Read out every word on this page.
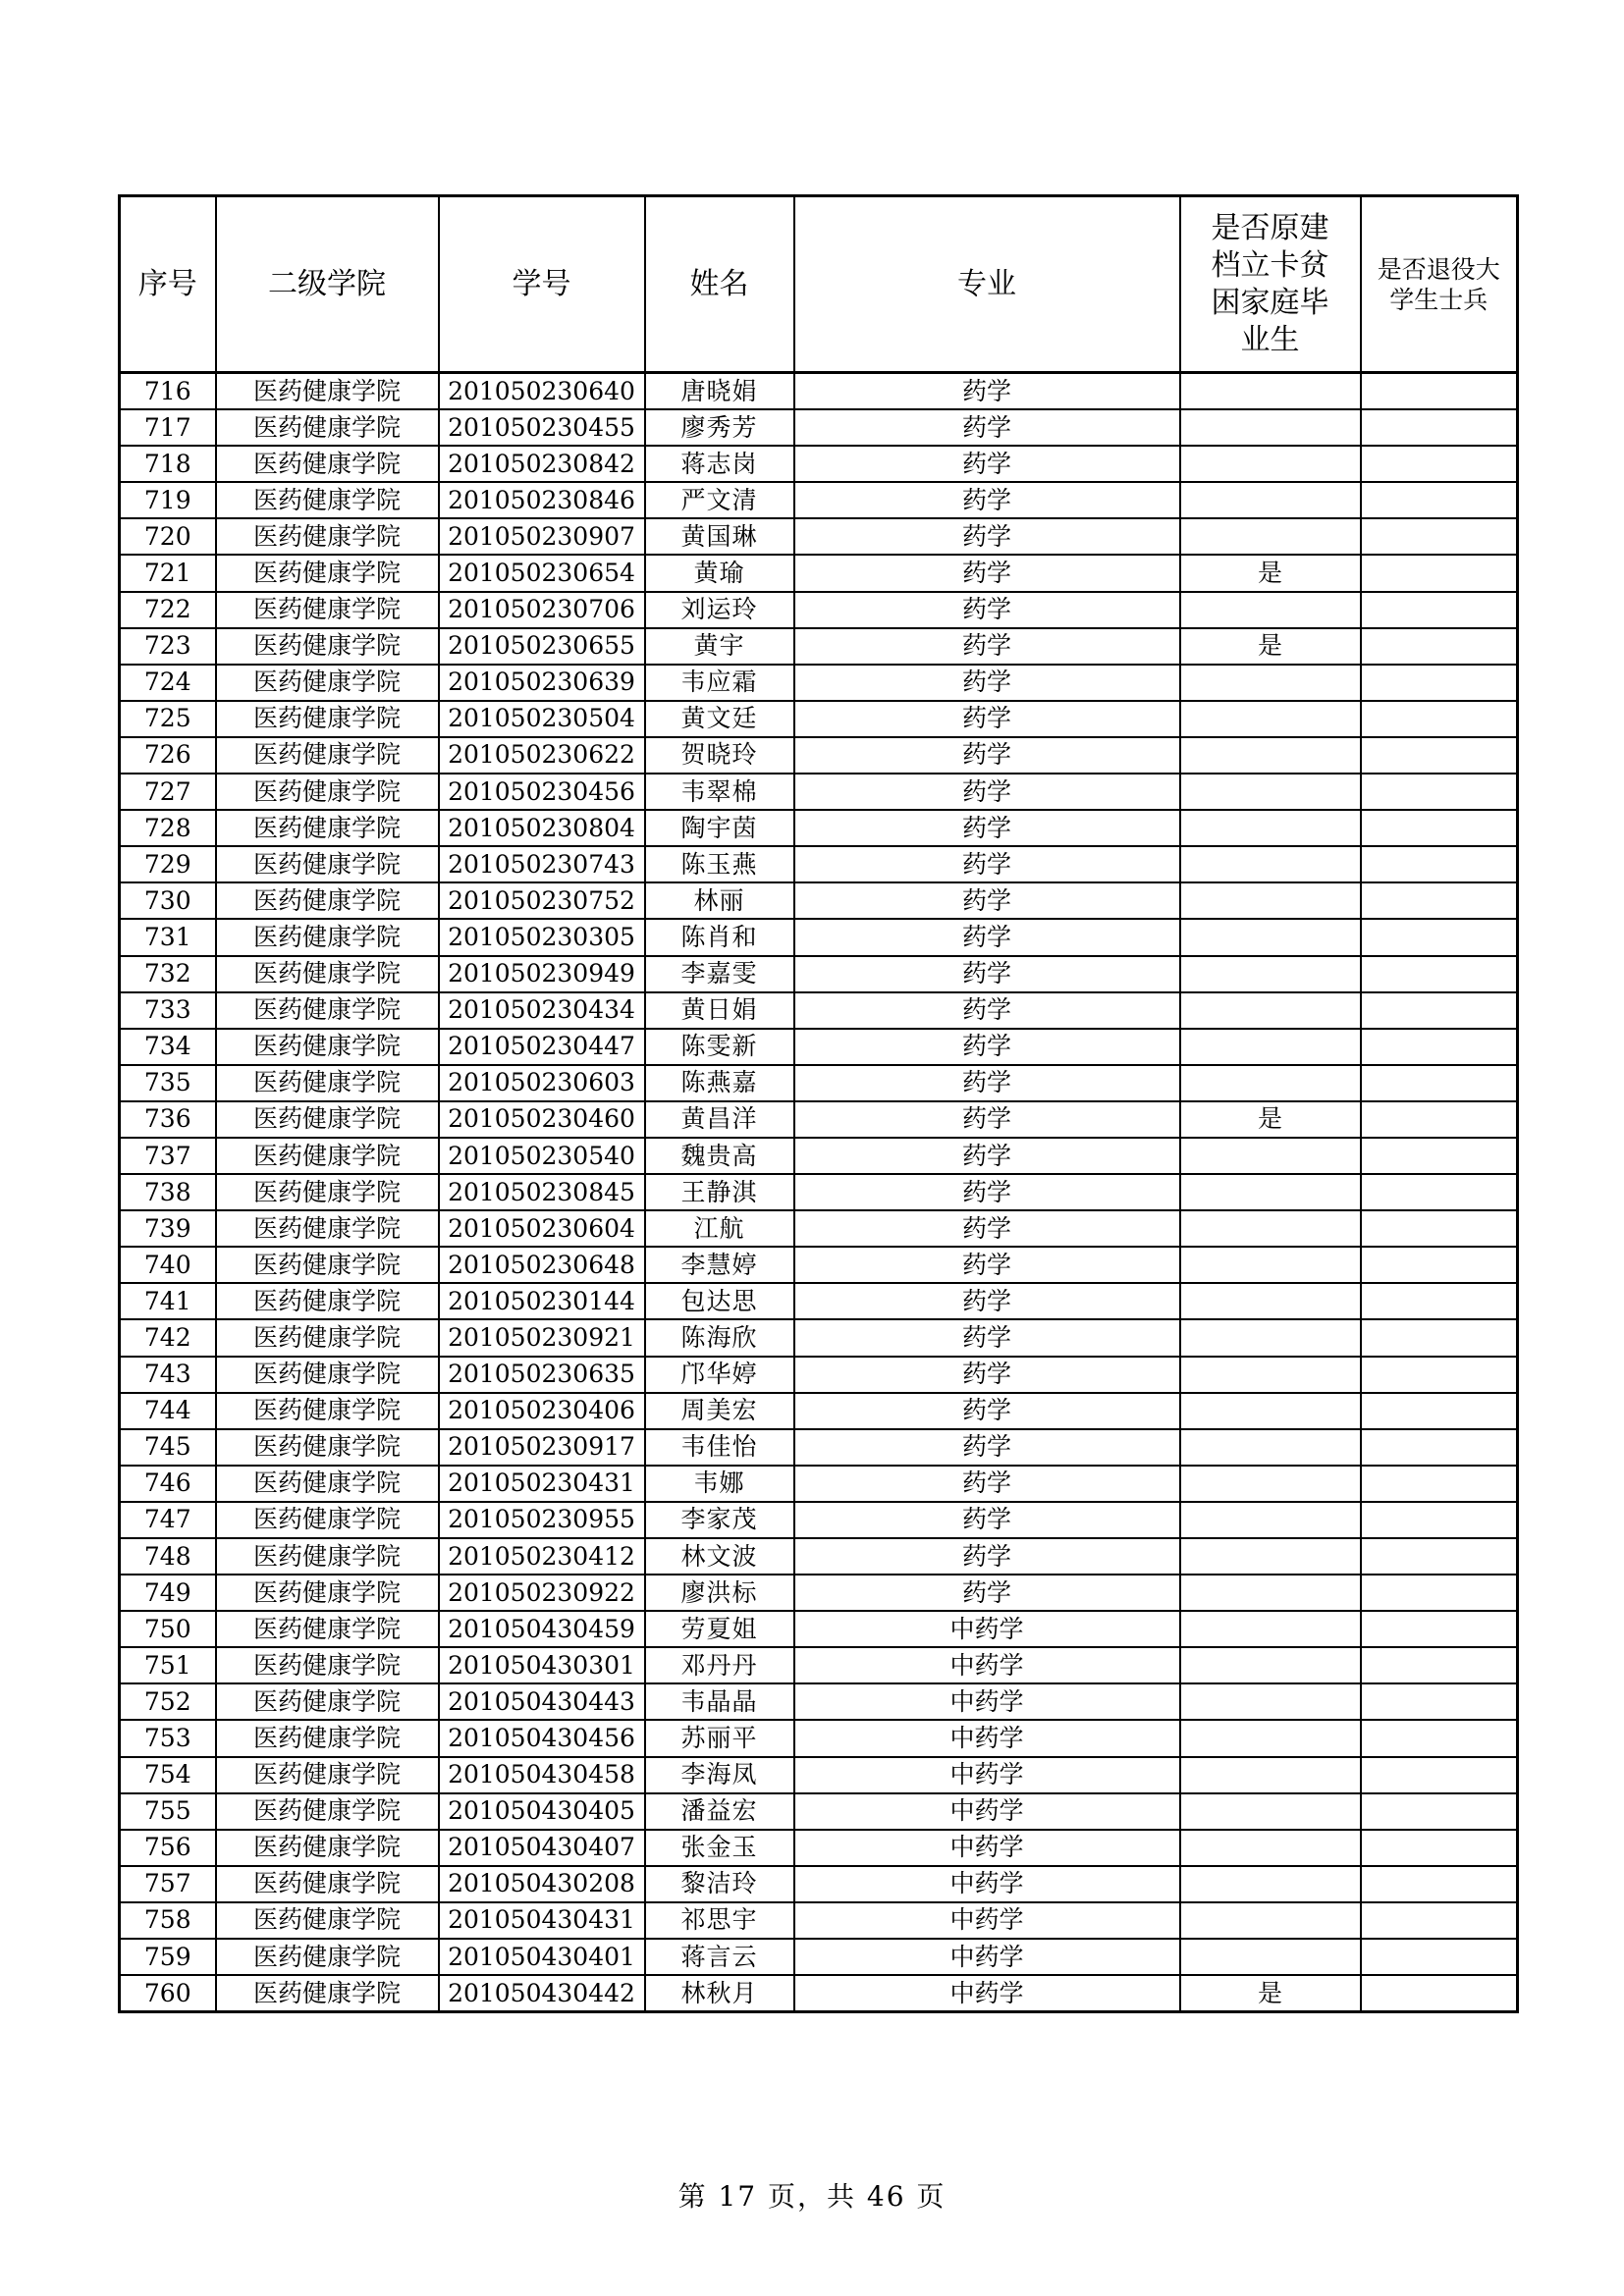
序号	二级学院	学号	姓名	专业	是否原建档立卡贫困家庭毕业生	是否退役大学生士兵
716	医药健康学院	201050230640	唐晓娟	药学		
717	医药健康学院	201050230455	廖秀芳	药学		
718	医药健康学院	201050230842	蒋志岗	药学		
719	医药健康学院	201050230846	严文清	药学		
720	医药健康学院	201050230907	黄国琳	药学		
721	医药健康学院	201050230654	黄瑜	药学	是	
722	医药健康学院	201050230706	刘运玲	药学		
723	医药健康学院	201050230655	黄宇	药学	是	
724	医药健康学院	201050230639	韦应霜	药学		
725	医药健康学院	201050230504	黄文廷	药学		
726	医药健康学院	201050230622	贺晓玲	药学		
727	医药健康学院	201050230456	韦翠棉	药学		
728	医药健康学院	201050230804	陶宇茵	药学		
729	医药健康学院	201050230743	陈玉燕	药学		
730	医药健康学院	201050230752	林丽	药学		
731	医药健康学院	201050230305	陈肖和	药学		
732	医药健康学院	201050230949	李嘉雯	药学		
733	医药健康学院	201050230434	黄日娟	药学		
734	医药健康学院	201050230447	陈雯新	药学		
735	医药健康学院	201050230603	陈燕嘉	药学		
736	医药健康学院	201050230460	黄昌洋	药学	是	
737	医药健康学院	201050230540	魏贵高	药学		
738	医药健康学院	201050230845	王静淇	药学		
739	医药健康学院	201050230604	江航	药学		
740	医药健康学院	201050230648	李慧婷	药学		
741	医药健康学院	201050230144	包达思	药学		
742	医药健康学院	201050230921	陈海欣	药学		
743	医药健康学院	201050230635	邝华婷	药学		
744	医药健康学院	201050230406	周美宏	药学		
745	医药健康学院	201050230917	韦佳怡	药学		
746	医药健康学院	201050230431	韦娜	药学		
747	医药健康学院	201050230955	李家茂	药学		
748	医药健康学院	201050230412	林文波	药学		
749	医药健康学院	201050230922	廖洪标	药学		
750	医药健康学院	201050430459	劳夏姐	中药学		
751	医药健康学院	201050430301	邓丹丹	中药学		
752	医药健康学院	201050430443	韦晶晶	中药学		
753	医药健康学院	201050430456	苏丽平	中药学		
754	医药健康学院	201050430458	李海凤	中药学		
755	医药健康学院	201050430405	潘益宏	中药学		
756	医药健康学院	201050430407	张金玉	中药学		
757	医药健康学院	201050430208	黎洁玲	中药学		
758	医药健康学院	201050430431	祁思宇	中药学		
759	医药健康学院	201050430401	蒋言云	中药学		
760	医药健康学院	201050430442	林秋月	中药学	是	
第 17 页，共 46 页
